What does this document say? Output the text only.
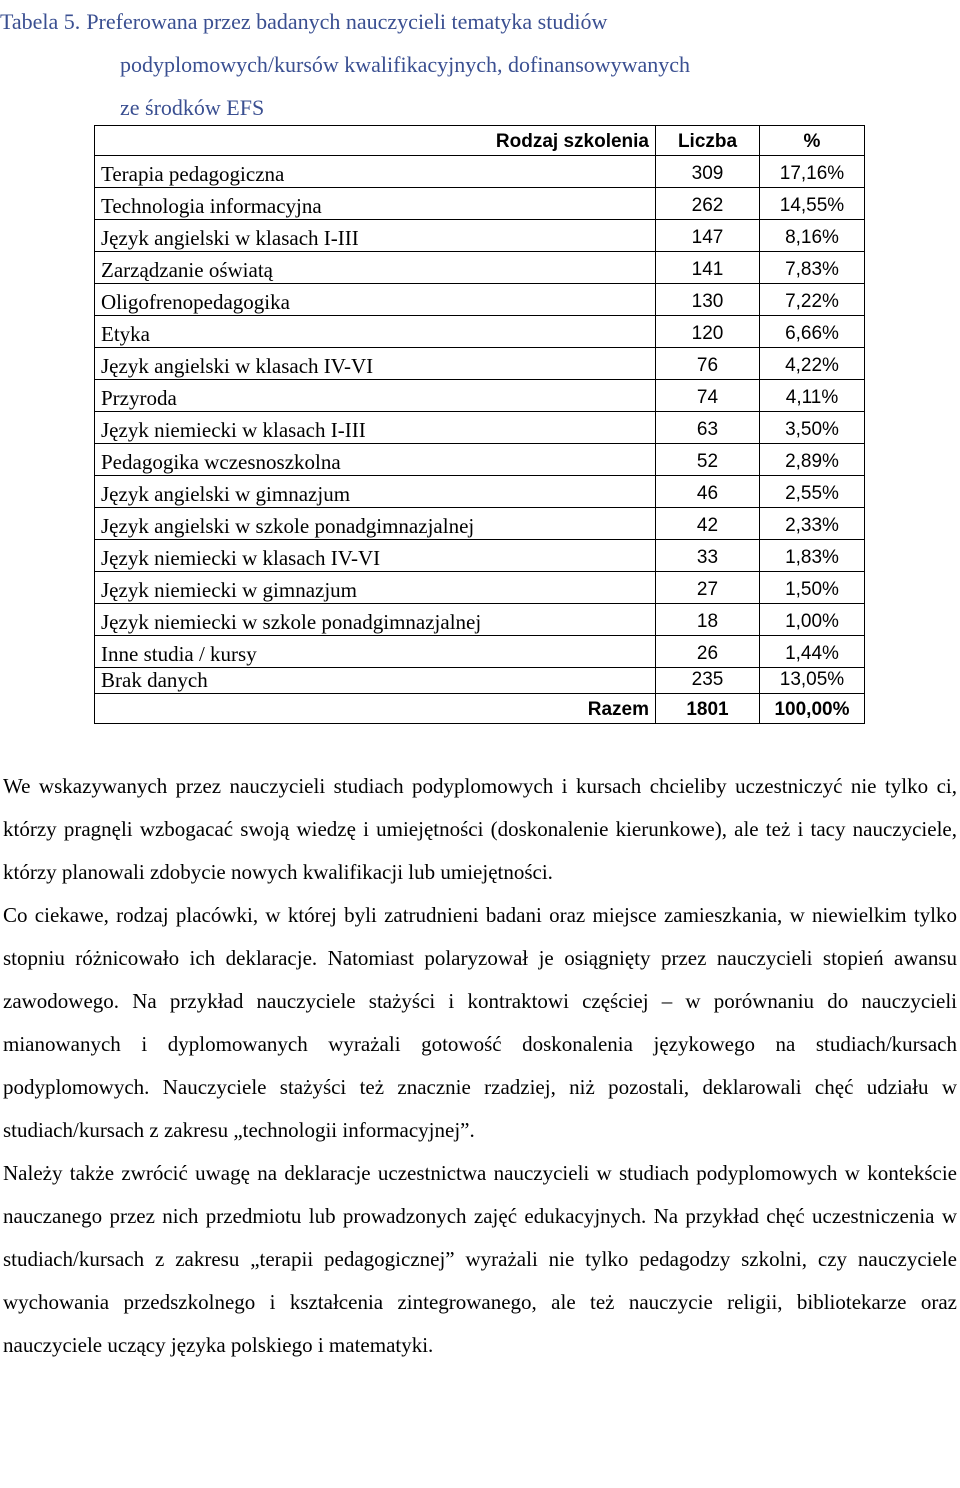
Tabela 5. Preferowana przez badanych nauczycieli tematyka studiów
podyplomowych/kursów kwalifikacyjnych, dofinansowywanych
ze środków EFS
Rodzaj szkolenia	Liczba	%
Terapia pedagogiczna	309	17,16%
Technologia informacyjna	262	14,55%
Język angielski w klasach I-III	147	8,16%
Zarządzanie oświatą	141	7,83%
Oligofrenopedagogika	130	7,22%
Etyka	120	6,66%
Język angielski w klasach IV-VI	76	4,22%
Przyroda	74	4,11%
Język niemiecki w klasach I-III	63	3,50%
Pedagogika wczesnoszkolna	52	2,89%
Język angielski w gimnazjum	46	2,55%
Język angielski w szkole ponadgimnazjalnej	42	2,33%
Język niemiecki w klasach IV-VI	33	1,83%
Język niemiecki w gimnazjum	27	1,50%
Język niemiecki w szkole ponadgimnazjalnej	18	1,00%
Inne studia / kursy	26	1,44%
Brak danych	235	13,05%
Razem	1801	100,00%

We wskazywanych przez nauczycieli studiach podyplomowych i kursach chcieliby uczestniczyć nie tylko ci, którzy pragnęli wzbogacać swoją wiedzę i umiejętności (doskonalenie kierunkowe), ale też i tacy nauczyciele, którzy planowali zdobycie nowych kwalifikacji lub umiejętności.

Co ciekawe, rodzaj placówki, w której byli zatrudnieni badani oraz miejsce zamieszkania, w niewielkim tylko stopniu różnicowało ich deklaracje. Natomiast polaryzował je osiągnięty przez nauczycieli stopień awansu zawodowego. Na przykład nauczyciele stażyści i kontraktowi częściej – w porównaniu do nauczycieli mianowanych i dyplomowanych wyrażali gotowość doskonalenia językowego na studiach/kursach podyplomowych. Nauczyciele stażyści też znacznie rzadziej, niż pozostali, deklarowali chęć udziału w studiach/kursach z zakresu „technologii informacyjnej”.

Należy także zwrócić uwagę na deklaracje uczestnictwa nauczycieli w studiach podyplomowych w kontekście nauczanego przez nich przedmiotu lub prowadzonych zajęć edukacyjnych. Na przykład chęć uczestniczenia w studiach/kursach z zakresu „terapii pedagogicznej” wyrażali nie tylko pedagodzy szkolni, czy nauczyciele wychowania przedszkolnego i kształcenia zintegrowanego, ale też nauczycie religii, bibliotekarze oraz nauczyciele uczący języka polskiego i matematyki.
